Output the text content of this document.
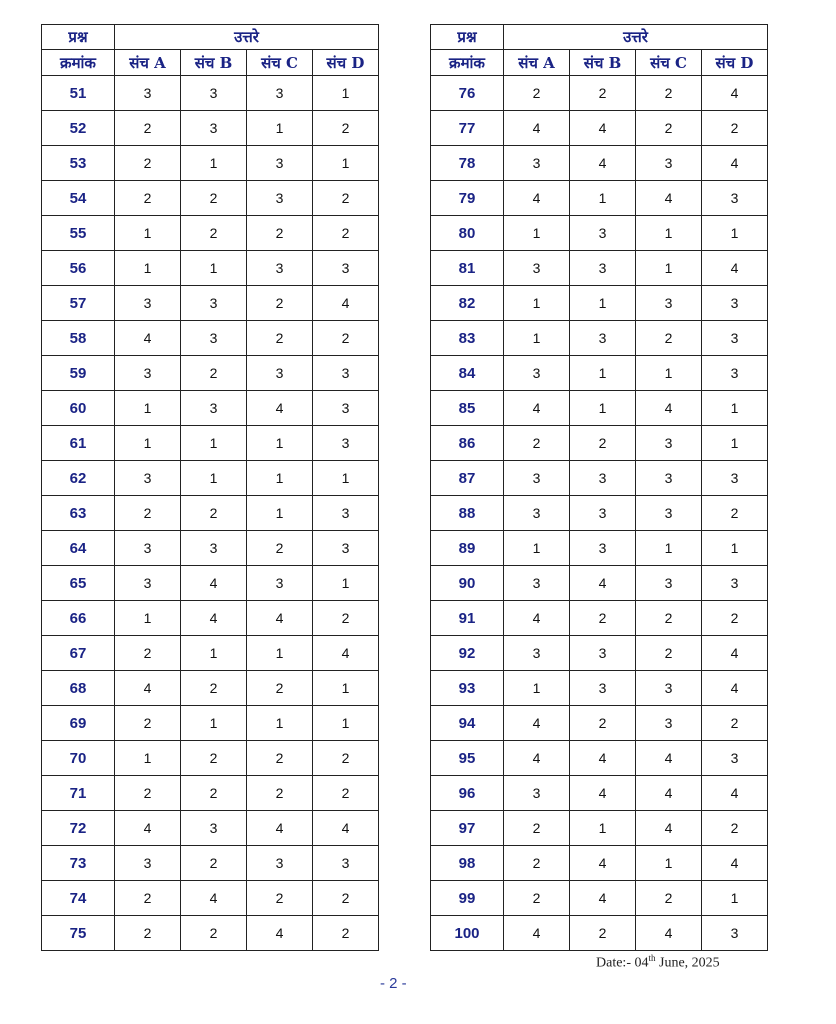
प्रश्न	उत्तरे			
क्रमांक	संच A	संच B	संच C	संच D
51	3	3	3	1
52	2	3	1	2
53	2	1	3	1
54	2	2	3	2
55	1	2	2	2
56	1	1	3	3
57	3	3	2	4
58	4	3	2	2
59	3	2	3	3
60	1	3	4	3
61	1	1	1	3
62	3	1	1	1
63	2	2	1	3
64	3	3	2	3
65	3	4	3	1
66	1	4	4	2
67	2	1	1	4
68	4	2	2	1
69	2	1	1	1
70	1	2	2	2
71	2	2	2	2
72	4	3	4	4
73	3	2	3	3
74	2	4	2	2
75	2	2	4	2
प्रश्न	उत्तरे			
क्रमांक	संच A	संच B	संच C	संच D
76	2	2	2	4
77	4	4	2	2
78	3	4	3	4
79	4	1	4	3
80	1	3	1	1
81	3	3	1	4
82	1	1	3	3
83	1	3	2	3
84	3	1	1	3
85	4	1	4	1
86	2	2	3	1
87	3	3	3	3
88	3	3	3	2
89	1	3	1	1
90	3	4	3	3
91	4	2	2	2
92	3	3	2	4
93	1	3	3	4
94	4	2	3	2
95	4	4	4	3
96	3	4	4	4
97	2	1	4	2
98	2	4	1	4
99	2	4	2	1
100	4	2	4	3
Date:- 04th June, 2025
- 2 -
